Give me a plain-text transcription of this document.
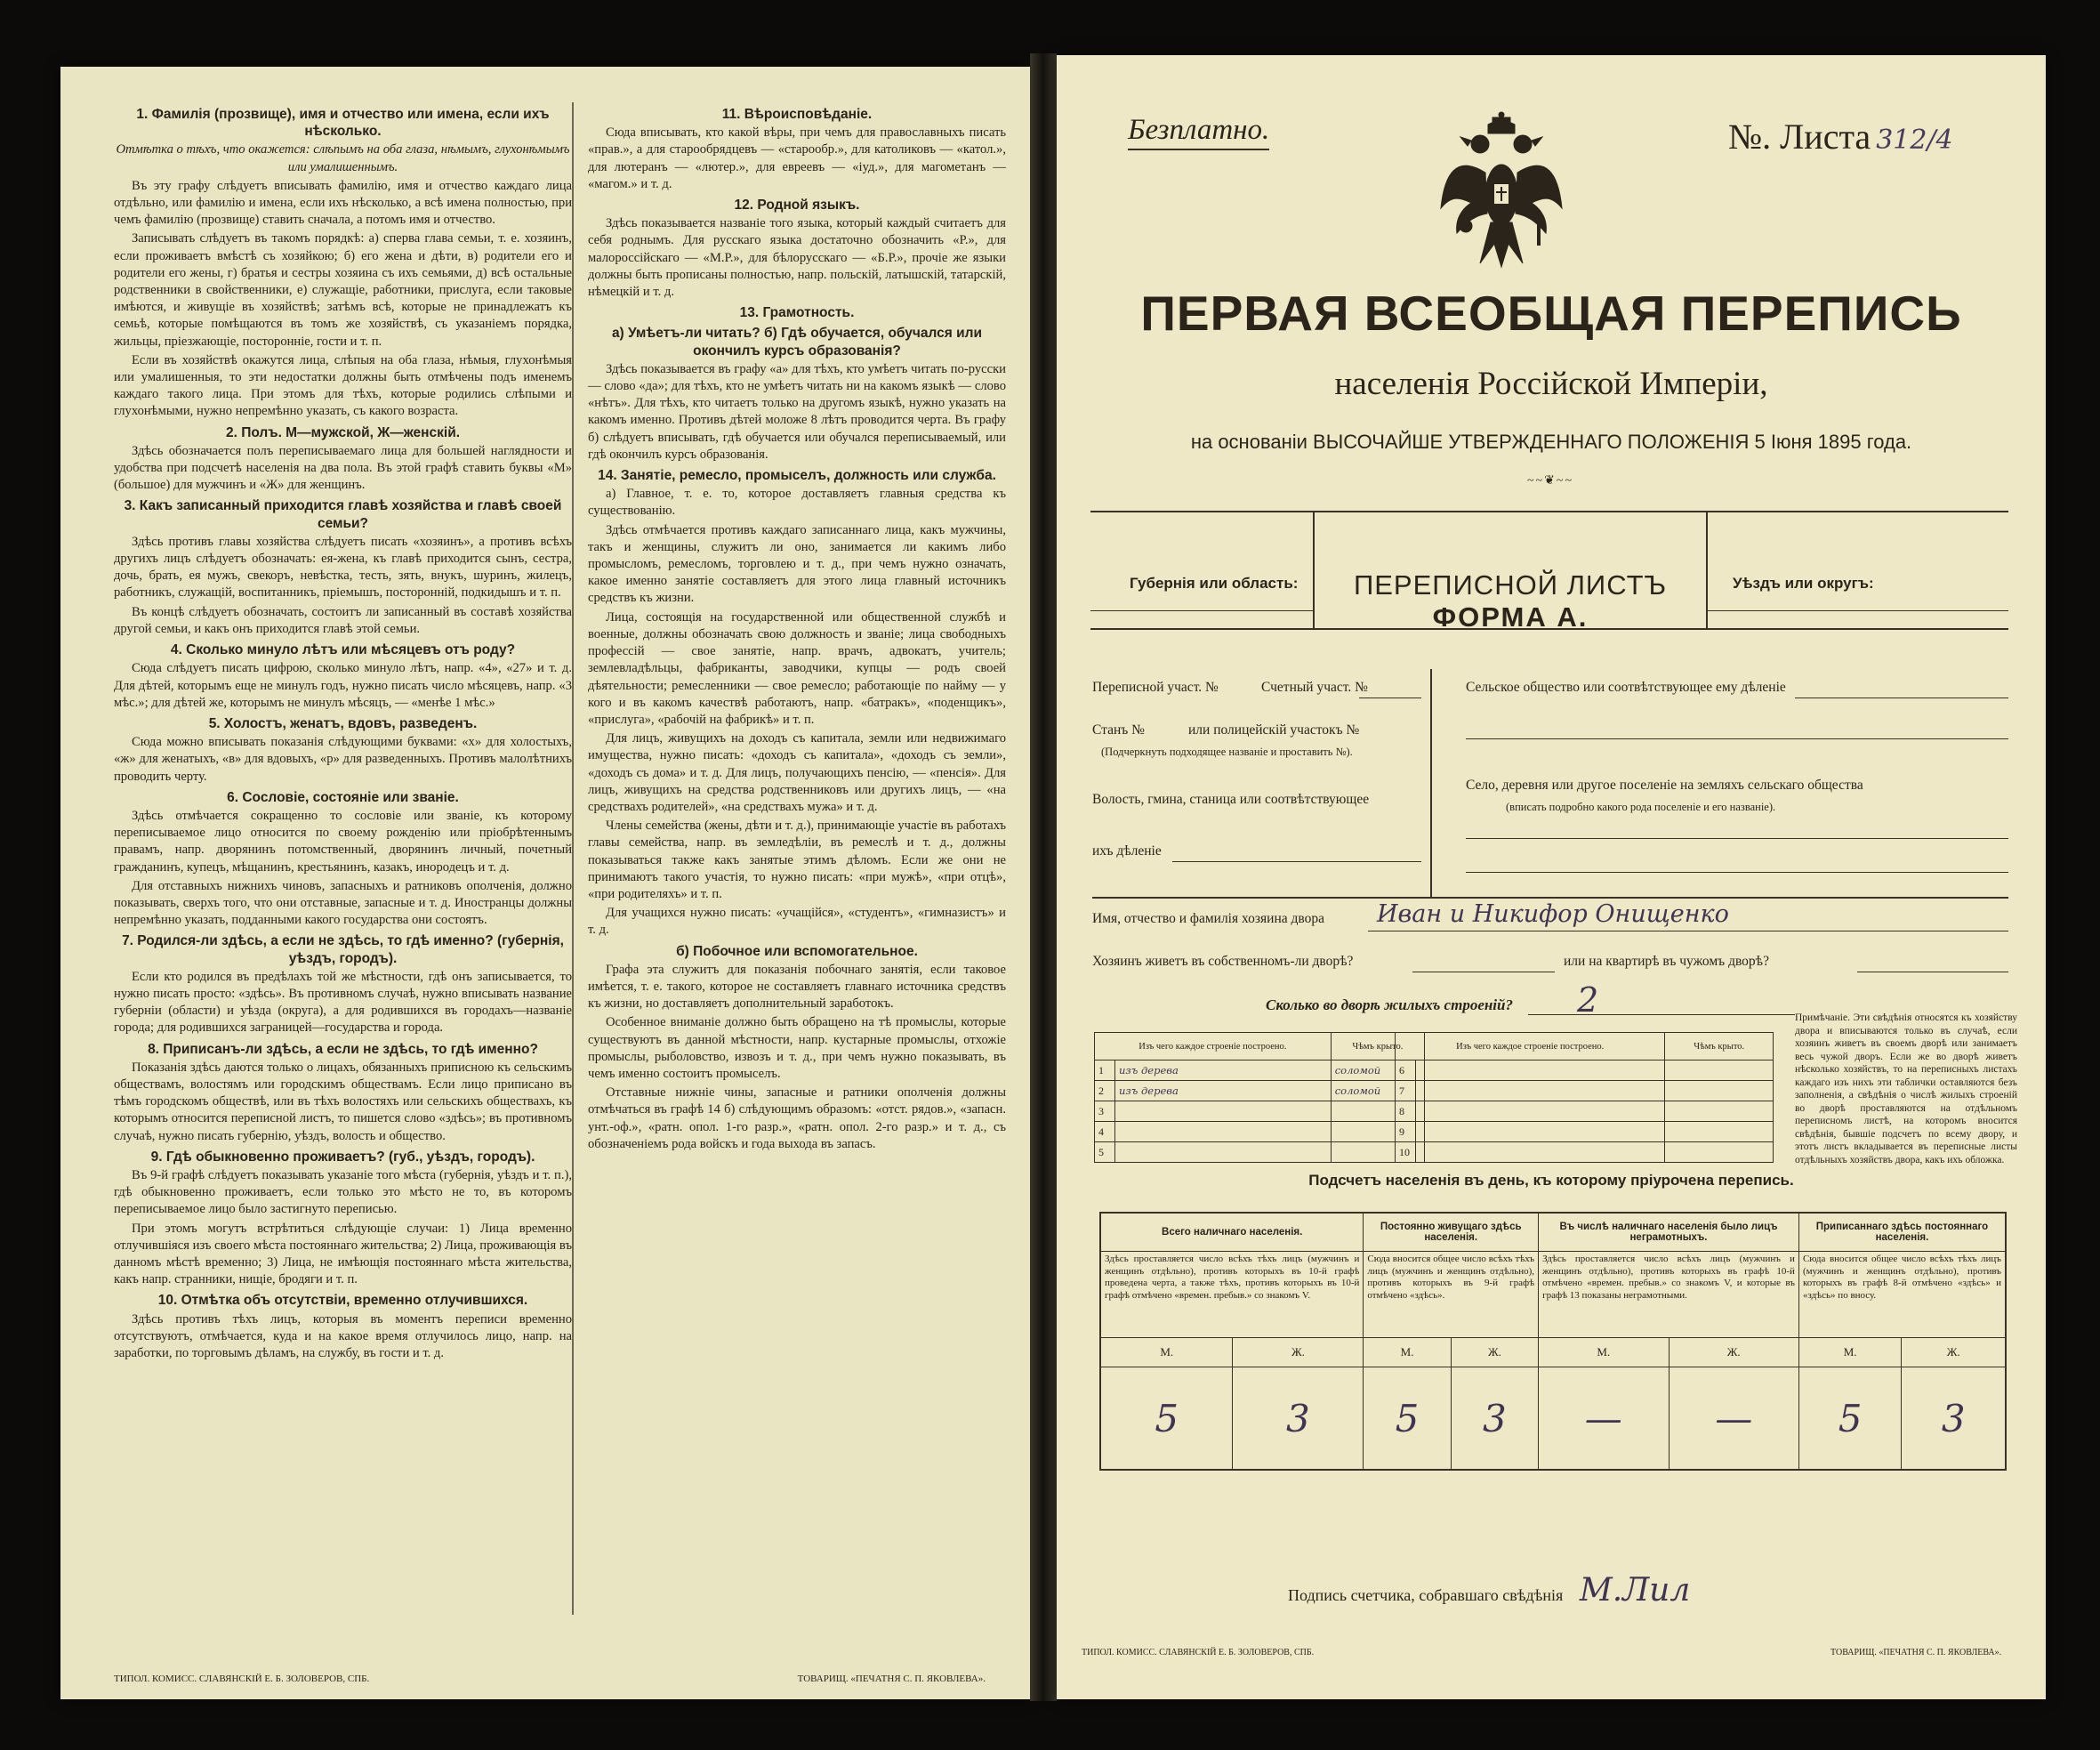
1. Фамилія (прозвище), имя и отчество или имена, если ихъ нѣсколько.
Отмѣтка о тѣхъ, что окажется: слѣпымъ на оба глаза, нѣмымъ, глухонѣмымъ или умалишеннымъ.
Въ эту графу слѣдуетъ вписывать фамилію, имя и отчество каждаго лица отдѣльно, или фамилію и имена, если ихъ нѣсколько, а всѣ имена полностью, при чемъ фамилію (прозвище) ставить сначала, а потомъ имя и отчество.
Записывать слѣдуетъ въ такомъ порядкѣ: а) сперва глава семьи, т. е. хозяинъ, если проживаетъ вмѣстѣ съ хозяйкою; б) его жена и дѣти, в) родители его и родители его жены, г) братья и сестры хозяина съ ихъ семьями, д) всѣ остальные родственники в свойственники, е) служащіе, работники, прислуга, если таковые имѣются, и живущіе въ хозяйствѣ; затѣмъ всѣ, которые не принадлежатъ къ семьѣ, которые помѣщаются въ томъ же хозяйствѣ, съ указаніемъ порядка, жильцы, пріезжающіе, посторонніе, гости и т. п.
Если въ хозяйствѣ окажутся лица, слѣпыя на оба глаза, нѣмыя, глухонѣмыя или умалишенныя, то эти недостатки должны быть отмѣчены подъ именемъ каждаго такого лица. При этомъ для тѣхъ, которые родились слѣпыми и глухонѣмыми, нужно непремѣнно указать, съ какого возраста.
2. Полъ. М—мужской, Ж—женскій.
Здѣсь обозначается полъ переписываемаго лица для большей наглядности и удобства при подсчетѣ населенія на два пола. Въ этой графѣ ставить буквы «М» (большое) для мужчинъ и «Ж» для женщинъ.
3. Какъ записанный приходится главѣ хозяйства и главѣ своей семьи?
Здѣсь противъ главы хозяйства слѣдуетъ писать «хозяинъ», а противъ всѣхъ другихъ лицъ слѣдуетъ обозначать: ея-жена, къ главѣ приходится сынъ, сестра, дочь, брать, ея мужъ, свекоръ, невѣстка, тесть, зять, внукъ, шуринъ, жилецъ, работникъ, служащій, воспитанникъ, пріемышъ, посторонній, подкидышъ и т. п.
Въ концѣ слѣдуетъ обозначать, состоитъ ли записанный въ составѣ хозяйства другой семьи, и какъ онъ приходится главѣ этой семьи.
4. Сколько минуло лѣтъ или мѣсяцевъ отъ роду?
Сюда слѣдуетъ писать цифрою, сколько минуло лѣтъ, напр. «4», «27» и т. д. Для дѣтей, которымъ еще не минулъ годъ, нужно писать число мѣсяцевъ, напр. «3 мѣс.»; для дѣтей же, которымъ не минулъ мѣсяцъ, — «менѣе 1 мѣс.»
5. Холостъ, женатъ, вдовъ, разведенъ.
Сюда можно вписывать показанія слѣдующими буквами: «х» для холостыхъ, «ж» для женатыхъ, «в» для вдовыхъ, «р» для разведенныхъ. Противъ малолѣтнихъ проводить черту.
6. Сословіе, состояніе или званіе.
Здѣсь отмѣчается сокращенно то сословіе или званіе, къ которому переписываемое лицо относится по своему рожденію или пріобрѣтеннымъ правамъ, напр. дворянинъ потомственный, дворянинъ личный, почетный гражданинъ, купецъ, мѣщанинъ, крестьянинъ, казакъ, инородецъ и т. д.
Для отставныхъ нижнихъ чиновъ, запасныхъ и ратниковъ ополченія, должно показывать, сверхъ того, что они отставные, запасные и т. д. Иностранцы должны непремѣнно указать, подданными какого государства они состоятъ.
7. Родился-ли здѣсь, а если не здѣсь, то гдѣ именно? (губернія, уѣздъ, городъ).
Если кто родился въ предѣлахъ той же мѣстности, гдѣ онъ записывается, то нужно писать просто: «здѣсь». Въ противномъ случаѣ, нужно вписывать название губерніи (области) и уѣзда (округа), а для родившихся въ городахъ—названіе города; для родившихся заграницей—государства и города.
8. Приписанъ-ли здѣсь, а если не здѣсь, то гдѣ именно?
Показанія здѣсь даются только о лицахъ, обязанныхъ приписною къ сельскимъ обществамъ, волостямъ или городскимъ обществамъ. Если лицо приписано въ тѣмъ городскомъ обществѣ, или въ тѣхъ волостяхъ или сельскихъ обществахъ, къ которымъ относится переписной листъ, то пишется слово «здѣсь»; въ противномъ случаѣ, нужно писать губернію, уѣздъ, волость и общество.
9. Гдѣ обыкновенно проживаетъ? (губ., уѣздъ, городъ).
Въ 9-й графѣ слѣдуетъ показывать указаніе того мѣста (губернія, уѣздъ и т. п.), гдѣ обыкновенно проживаетъ, если только это мѣсто не то, въ которомъ переписываемое лицо было застигнуто переписью.
При этомъ могутъ встрѣтиться слѣдующіе случаи: 1) Лица временно отлучившіяся изъ своего мѣста постояннаго жительства; 2) Лица, проживающія въ данномъ мѣстѣ временно; 3) Лица, не имѣющія постояннаго мѣста жительства, какъ напр. странники, нищіе, бродяги и т. п.
10. Отмѣтка объ отсутствіи, временно отлучившихся.
Здѣсь противъ тѣхъ лицъ, которыя въ моментъ переписи временно отсутствуютъ, отмѣчается, куда и на какое время отлучилось лицо, напр. на заработки, по торговымъ дѣламъ, на службу, въ гости и т. д.
11. Вѣроисповѣданіе.
Сюда вписывать, кто какой вѣры, при чемъ для православныхъ писать «прав.», а для старообрядцевъ — «старообр.», для католиковъ — «катол.», для лютеранъ — «лютер.», для евреевъ — «іуд.», для магометанъ — «магом.» и т. д.
12. Родной языкъ.
Здѣсь показывается названіе того языка, который каждый считаетъ для себя роднымъ. Для русскаго языка достаточно обозначить «Р.», для малороссійскаго — «М.Р.», для бѣлорусскаго — «Б.Р.», прочіе же языки должны быть прописаны полностью, напр. польскій, латышскій, татарскій, нѣмецкій и т. д.
13. Грамотность.
а) Умѣетъ-ли читать? б) Гдѣ обучается, обучался или окончилъ курсъ образованія?
Здѣсь показывается въ графу «а» для тѣхъ, кто умѣетъ читать по-русски — слово «да»; для тѣхъ, кто не умѣетъ читать ни на какомъ языкѣ — слово «нѣтъ». Для тѣхъ, кто читаетъ только на другомъ языкѣ, нужно указать на какомъ именно. Противъ дѣтей моложе 8 лѣтъ проводится черта. Въ графу б) слѣдуетъ вписывать, гдѣ обучается или обучался переписываемый, или гдѣ окончилъ курсъ образованія.
14. Занятіе, ремесло, промыселъ, должность или служба.
а) Главное, т. е. то, которое доставляетъ главныя средства къ существованію.
Здѣсь отмѣчается противъ каждаго записаннаго лица, какъ мужчины, такъ и женщины, служитъ ли оно, занимается ли какимъ либо промысломъ, ремесломъ, торговлею и т. д., при чемъ нужно означать, какое именно занятіе составляетъ для этого лица главный источникъ средствъ къ жизни.
Лица, состоящія на государственной или общественной службѣ и военные, должны обозначать свою должность и званіе; лица свободныхъ профессій — свое занятіе, напр. врачъ, адвокатъ, учитель; землевладѣльцы, фабриканты, заводчики, купцы — родъ своей дѣятельности; ремесленники — свое ремесло; работающіе по найму — у кого и въ какомъ качествѣ работаютъ, напр. «батракъ», «поденщикъ», «прислуга», «рабочій на фабрикѣ» и т. п.
Для лицъ, живущихъ на доходъ съ капитала, земли или недвижимаго имущества, нужно писать: «доходъ съ капитала», «доходъ съ земли», «доходъ съ дома» и т. д. Для лицъ, получающихъ пенсію, — «пенсія». Для лицъ, живущихъ на средства родственниковъ или другихъ лицъ, — «на средствахъ родителей», «на средствахъ мужа» и т. д.
Члены семейства (жены, дѣти и т. д.), принимающіе участіе въ работахъ главы семейства, напр. въ земледѣліи, въ ремеслѣ и т. д., должны показываться также какъ занятые этимъ дѣломъ. Если же они не принимаютъ такого участія, то нужно писать: «при мужѣ», «при отцѣ», «при родителяхъ» и т. п.
Для учащихся нужно писать: «учащійся», «студентъ», «гимназистъ» и т. д.
б) Побочное или вспомогательное.
Графа эта служитъ для показанія побочнаго занятія, если таковое имѣется, т. е. такого, которое не составляетъ главнаго источника средствъ къ жизни, но доставляетъ дополнительный заработокъ.
Особенное вниманіе должно быть обращено на тѣ промыслы, которые существуютъ въ данной мѣстности, напр. кустарные промыслы, отхожіе промыслы, рыболовство, извозъ и т. д., при чемъ нужно показывать, въ чемъ именно состоитъ промыселъ.
Отставные нижніе чины, запасные и ратники ополченія должны отмѣчаться въ графѣ 14 б) слѣдующимъ образомъ: «отст. рядов.», «запасн. унт.-оф.», «ратн. опол. 1-го разр.», «ратн. опол. 2-го разр.» и т. д., съ обозначеніемъ рода войскъ и года выхода въ запасъ.
ТИПОЛ. КОМИСС. СЛАВЯНСКІЙ Е. Б. ЗОЛОВЕРОВ, СПБ.	ТОВАРИЩ. «ПЕЧАТНЯ С. П. ЯКОВЛЕВА».
Безплатно.	№. Листа 312/4
ПЕРВАЯ ВСЕОБЩАЯ ПЕРЕПИСЬ
населенія Россійской Имперіи,
на основаніи ВЫСОЧАЙШЕ УТВЕРЖДЕННАГО ПОЛОЖЕНІЯ 5 Іюня 1895 года.
~~❦~~
Губернія или область:	ПЕРЕПИСНОЙ ЛИСТЪ
ФОРМА А.
Уѣздъ или округъ:
Переписной участ. №	Счетный участ. №
Станъ №	или полицейскій участокъ №
(Подчеркнуть подходящее названіе и проставить №).
Волость, гмина, станица или соотвѣтствующее
ихъ дѣленіе
Сельское общество или соотвѣтствующее ему дѣленіе
Село, деревня или другое поселеніе на земляхъ сельскаго общества
(вписать подробно какого рода поселеніе и его названіе).
Имя, отчество и фамилія хозяина двора Иван и Никифор Онищенко
Хозяинъ живетъ въ собственномъ-ли дворѣ?	или на квартирѣ въ чужомъ дворѣ?
Сколько во дворѣ жилыхъ строеній? 2
Изъ чего каждое строеніе построено.		Чѣмъ крыто.
1	изъ дерева	соломой
2	изъ дерева	соломой
3		
4		
5		
Изъ чего каждое строеніе построено.		Чѣмъ крыто.
6		
7		
8		
9		
10		
Примѣчаніе. Эти свѣдѣнія относятся къ хозяйству двора и вписываются только въ случаѣ, если хозяинъ живетъ въ своемъ дворѣ или занимаетъ весь чужой дворъ. Если же во дворѣ живетъ нѣсколько хозяйствъ, то на переписныхъ листахъ каждаго изъ нихъ эти таблички оставляются безъ заполненія, а свѣдѣнія о числѣ жилыхъ строеній во дворѣ проставляются на отдѣльномъ переписномъ листѣ, на которомъ вносится свѣдѣнія, бывшіе подсчетъ по всему двору, и этотъ листъ вкладывается въ переписные листы отдѣльныхъ хозяйствъ двора, какъ ихъ обложка.
Подсчетъ населенія въ день, къ которому пріурочена перепись.
Всего наличнаго населенія.		Постоянно живущаго здѣсь населенія.		Въ числѣ наличнаго населенія было лицъ неграмотныхъ.		Приписаннаго здѣсь постояннаго населенія.	
Здѣсь проставляется число всѣхъ тѣхъ лицъ (мужчинъ и женщинъ отдѣльно), противъ которыхъ въ 10-й графѣ проведена черта, а также тѣхъ, противъ которыхъ въ 10-й графѣ отмѣчено «времен. пребыв.» со знакомъ V.		Сюда вносится общее число всѣхъ тѣхъ лицъ (мужчинъ и женщинъ отдѣльно), противъ которыхъ въ 9-й графѣ отмѣчено «здѣсь».		Здѣсь проставляется число всѣхъ лицъ (мужчинъ и женщинъ отдѣльно), противъ которыхъ въ графѣ 10-й отмѣчено «времен. пребыв.» со знакомъ V, и которые въ графѣ 13 показаны неграмотными.		Сюда вносится общее число всѣхъ тѣхъ лицъ (мужчинъ и женщинъ отдѣльно), противъ которыхъ въ графѣ 8-й отмѣчено «здѣсь» и «здѣсь» по вносу.	
М.	Ж.	М.	Ж.	М.	Ж.	М.	Ж.
5	3	5	3	—	—	5	3
Подпись счетчика, собравшаго свѣдѣнія М.Лил
ТИПОЛ. КОМИСС. СЛАВЯНСКІЙ Е. Б. ЗОЛОВЕРОВ, СПБ.	ТОВАРИЩ. «ПЕЧАТНЯ С. П. ЯКОВЛЕВА».
